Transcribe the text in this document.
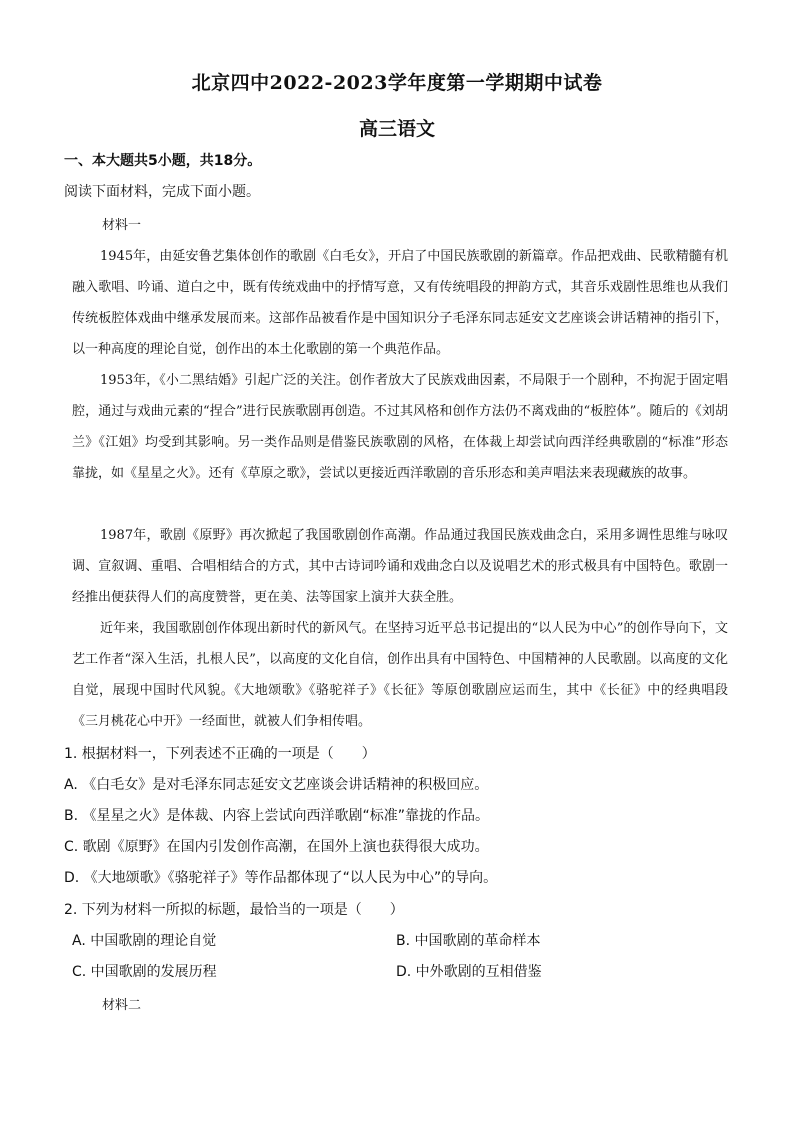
北京四中2022-2023学年度第一学期期中试卷
高三语文
一、本大题共5小题，共18分。
阅读下面材料，完成下面小题。
材料一

1945年，由延安鲁艺集体创作的歌剧《白毛女》，开启了中国民族歌剧的新篇章。作品把戏曲、民歌精髓有机融入歌唱、吟诵、道白之中，既有传统戏曲中的抒情写意，又有传统唱段的押韵方式，其音乐戏剧性思维也从我们传统板腔体戏曲中继承发展而来。这部作品被看作是中国知识分子毛泽东同志延安文艺座谈会讲话精神的指引下，以一种高度的理论自觉，创作出的本土化歌剧的第一个典范作品。

1953年，《小二黑结婚》引起广泛的关注。创作者放大了民族戏曲因素，不局限于一个剧种，不拘泥于固定唱腔，通过与戏曲元素的“捏合”进行民族歌剧再创造。不过其风格和创作方法仍不离戏曲的“板腔体”。随后的《刘胡兰》《江姐》均受到其影响。另一类作品则是借鉴民族歌剧的风格，在体裁上却尝试向西洋经典歌剧的“标准”形态靠拢，如《星星之火》。还有《草原之歌》，尝试以更接近西洋歌剧的音乐形态和美声唱法来表现藏族的故事。

1987年，歌剧《原野》再次掀起了我国歌剧创作高潮。作品通过我国民族戏曲念白，采用多调性思维与咏叹调、宣叙调、重唱、合唱相结合的方式，其中古诗词吟诵和戏曲念白以及说唱艺术的形式极具有中国特色。歌剧一经推出便获得人们的高度赞誉，更在美、法等国家上演并大获全胜。

近年来，我国歌剧创作体现出新时代的新风气。在坚持习近平总书记提出的“以人民为中心”的创作导向下，文艺工作者“深入生活，扎根人民”，以高度的文化自信，创作出具有中国特色、中国精神的人民歌剧。以高度的文化自觉，展现中国时代风貌。《大地颂歌》《骆驼祥子》《长征》等原创歌剧应运而生，其中《长征》中的经典唱段《三月桃花心中开》一经面世，就被人们争相传唱。

1. 根据材料一，下列表述不正确的一项是（　　）
A. 《白毛女》是对毛泽东同志延安文艺座谈会讲话精神的积极回应。
B. 《星星之火》是体裁、内容上尝试向西洋歌剧“标准”靠拢的作品。
C. 歌剧《原野》在国内引发创作高潮，在国外上演也获得很大成功。
D. 《大地颂歌》《骆驼祥子》等作品都体现了“以人民为中心”的导向。
2. 下列为材料一所拟的标题，最恰当的一项是（　　）
A. 中国歌剧的理论自觉	B. 中国歌剧的革命样本
C. 中国歌剧的发展历程	D. 中外歌剧的互相借鉴
材料二
